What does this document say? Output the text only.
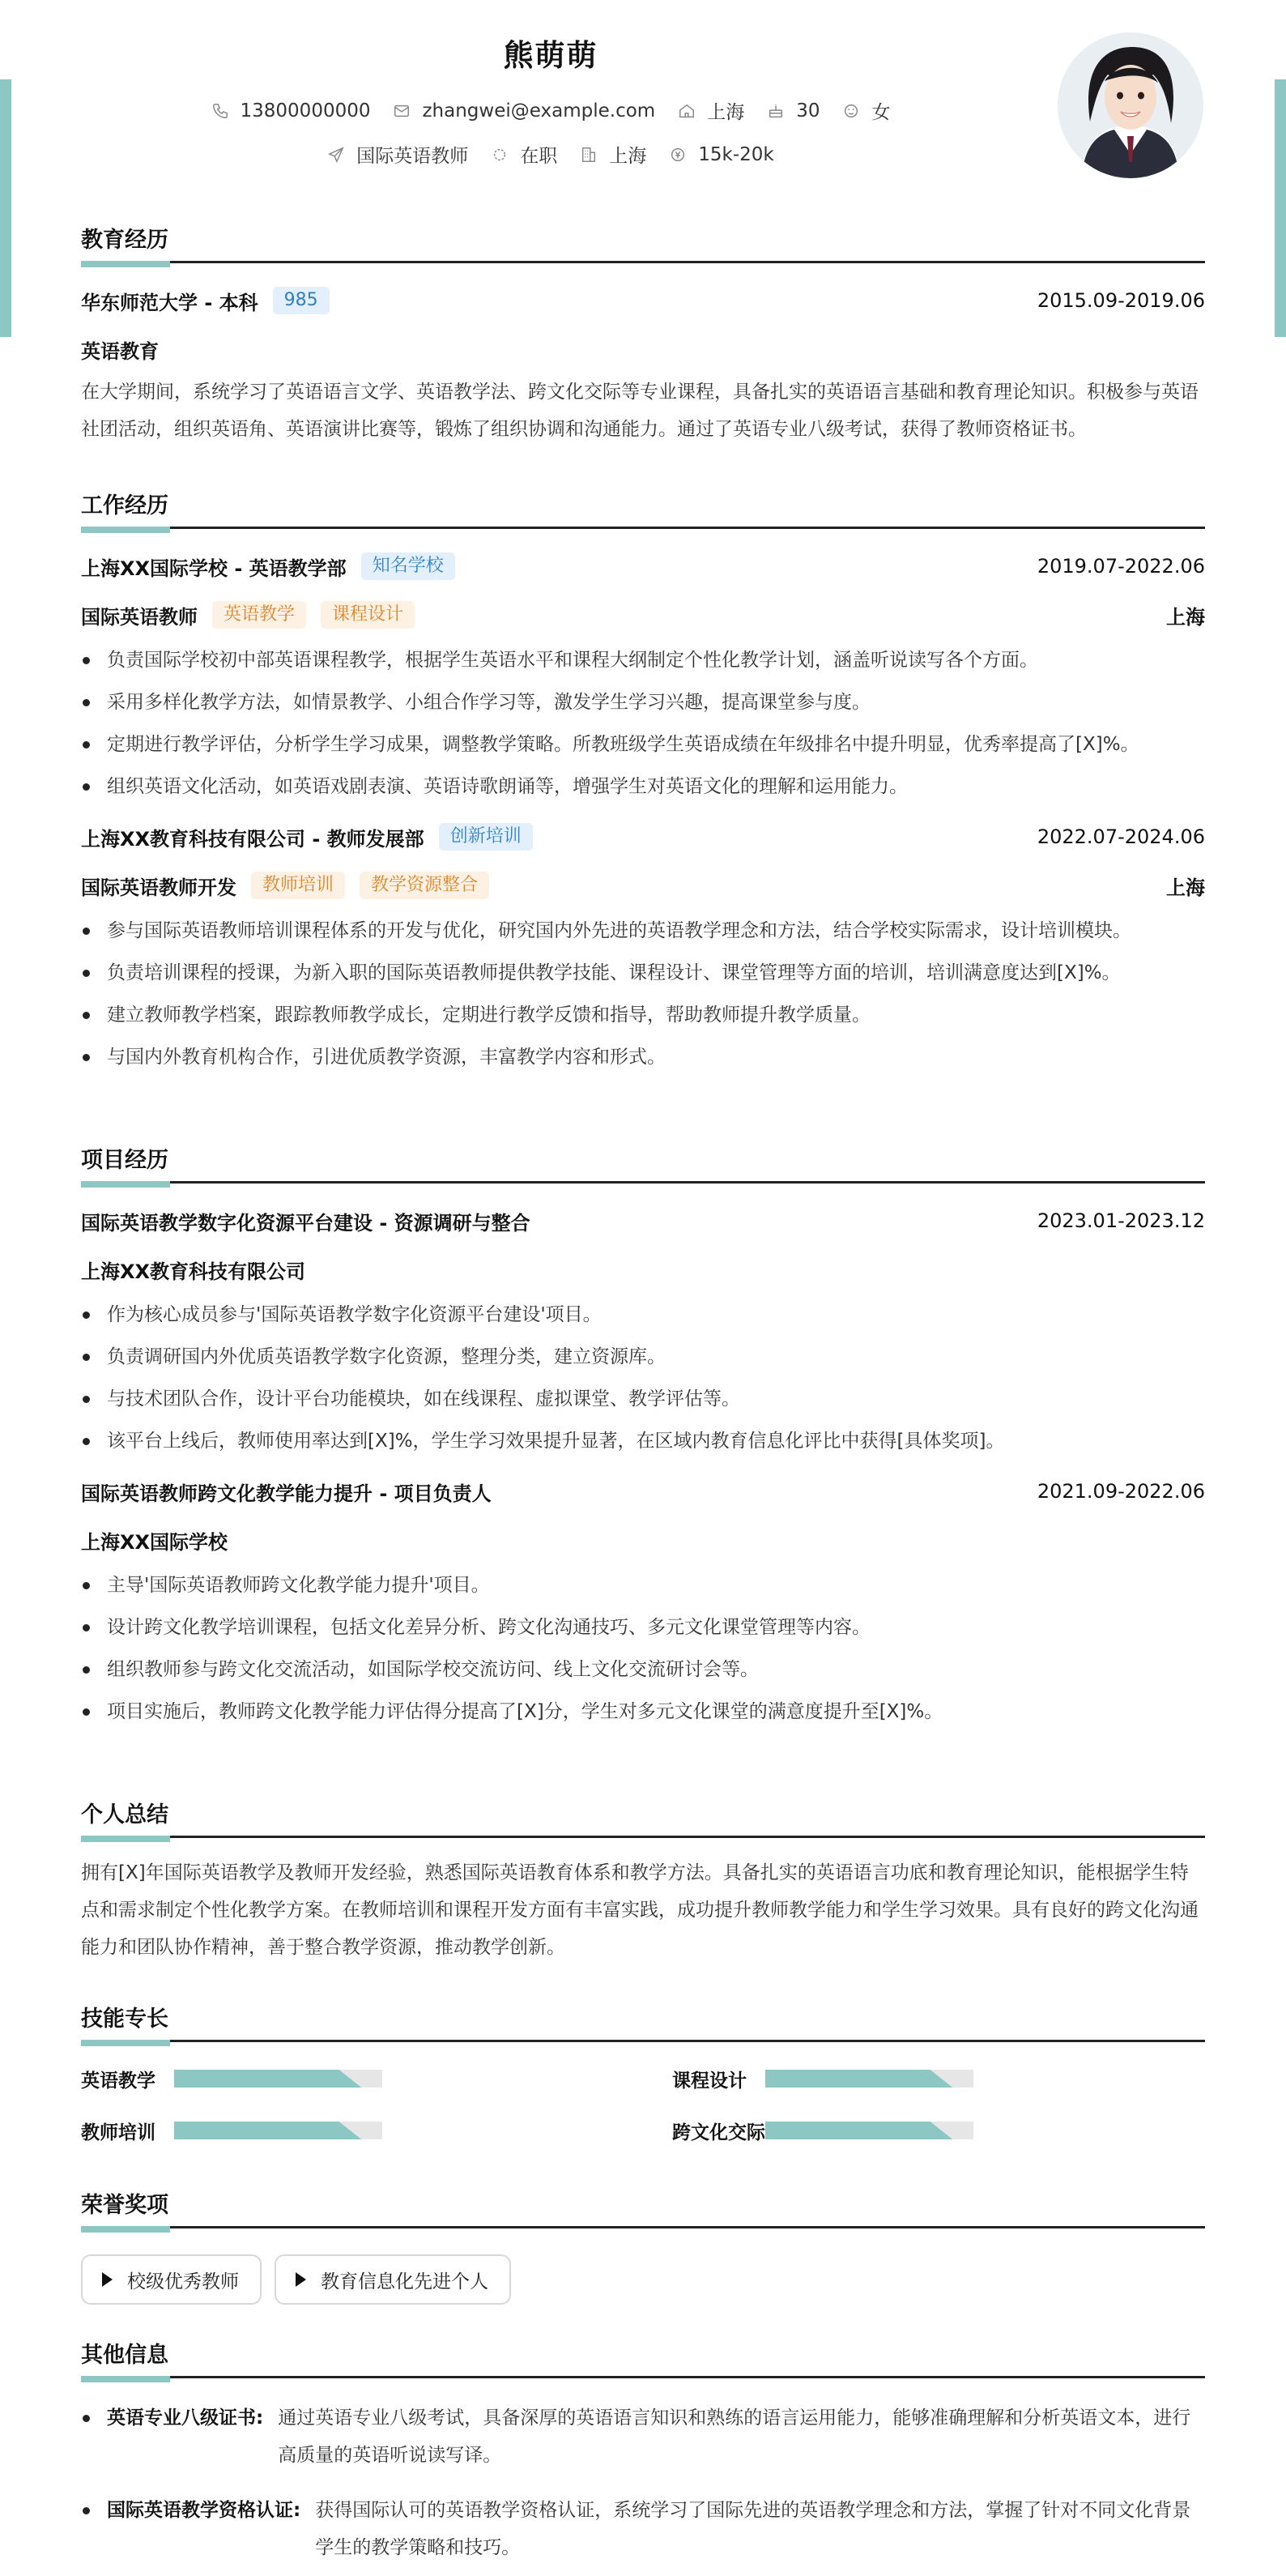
熊萌萌
13800000000	zhangwei@example.com	上海	30	女
国际英语教师	在职	上海	15k-20k
教育经历
华东师范大学 - 本科	985	2015.09-2019.06
英语教育
在大学期间，系统学习了英语语言文学、英语教学法、跨文化交际等专业课程，具备扎实的英语语言基础和教育理论知识。积极参与英语社团活动，组织英语角、英语演讲比赛等，锻炼了组织协调和沟通能力。通过了英语专业八级考试，获得了教师资格证书。
工作经历
上海XX国际学校 - 英语教学部	知名学校	2019.07-2022.06
国际英语教师	英语教学	课程设计	上海
负责国际学校初中部英语课程教学，根据学生英语水平和课程大纲制定个性化教学计划，涵盖听说读写各个方面。
采用多样化教学方法，如情景教学、小组合作学习等，激发学生学习兴趣，提高课堂参与度。
定期进行教学评估，分析学生学习成果，调整教学策略。所教班级学生英语成绩在年级排名中提升明显，优秀率提高了[X]%。
组织英语文化活动，如英语戏剧表演、英语诗歌朗诵等，增强学生对英语文化的理解和运用能力。
上海XX教育科技有限公司 - 教师发展部	创新培训	2022.07-2024.06
国际英语教师开发	教师培训	教学资源整合	上海
参与国际英语教师培训课程体系的开发与优化，研究国内外先进的英语教学理念和方法，结合学校实际需求，设计培训模块。
负责培训课程的授课，为新入职的国际英语教师提供教学技能、课程设计、课堂管理等方面的培训，培训满意度达到[X]%。
建立教师教学档案，跟踪教师教学成长，定期进行教学反馈和指导，帮助教师提升教学质量。
与国内外教育机构合作，引进优质教学资源，丰富教学内容和形式。
项目经历
国际英语教学数字化资源平台建设 - 资源调研与整合	2023.01-2023.12
上海XX教育科技有限公司
作为核心成员参与'国际英语教学数字化资源平台建设'项目。
负责调研国内外优质英语教学数字化资源，整理分类，建立资源库。
与技术团队合作，设计平台功能模块，如在线课程、虚拟课堂、教学评估等。
该平台上线后，教师使用率达到[X]%，学生学习效果提升显著，在区域内教育信息化评比中获得[具体奖项]。
国际英语教师跨文化教学能力提升 - 项目负责人	2021.09-2022.06
上海XX国际学校
主导'国际英语教师跨文化教学能力提升'项目。
设计跨文化教学培训课程，包括文化差异分析、跨文化沟通技巧、多元文化课堂管理等内容。
组织教师参与跨文化交流活动，如国际学校交流访问、线上文化交流研讨会等。
项目实施后，教师跨文化教学能力评估得分提高了[X]分，学生对多元文化课堂的满意度提升至[X]%。
个人总结
拥有[X]年国际英语教学及教师开发经验，熟悉国际英语教育体系和教学方法。具备扎实的英语语言功底和教育理论知识，能根据学生特点和需求制定个性化教学方案。在教师培训和课程开发方面有丰富实践，成功提升教师教学能力和学生学习效果。具有良好的跨文化沟通能力和团队协作精神，善于整合教学资源，推动教学创新。
技能专长
英语教学	课程设计
教师培训	跨文化交际
荣誉奖项
校级优秀教师	教育信息化先进个人
其他信息
英语专业八级证书: 通过英语专业八级考试，具备深厚的英语语言知识和熟练的语言运用能力，能够准确理解和分析英语文本，进行高质量的英语听说读写译。
国际英语教学资格认证: 获得国际认可的英语教学资格认证，系统学习了国际先进的英语教学理念和方法，掌握了针对不同文化背景学生的教学策略和技巧。
